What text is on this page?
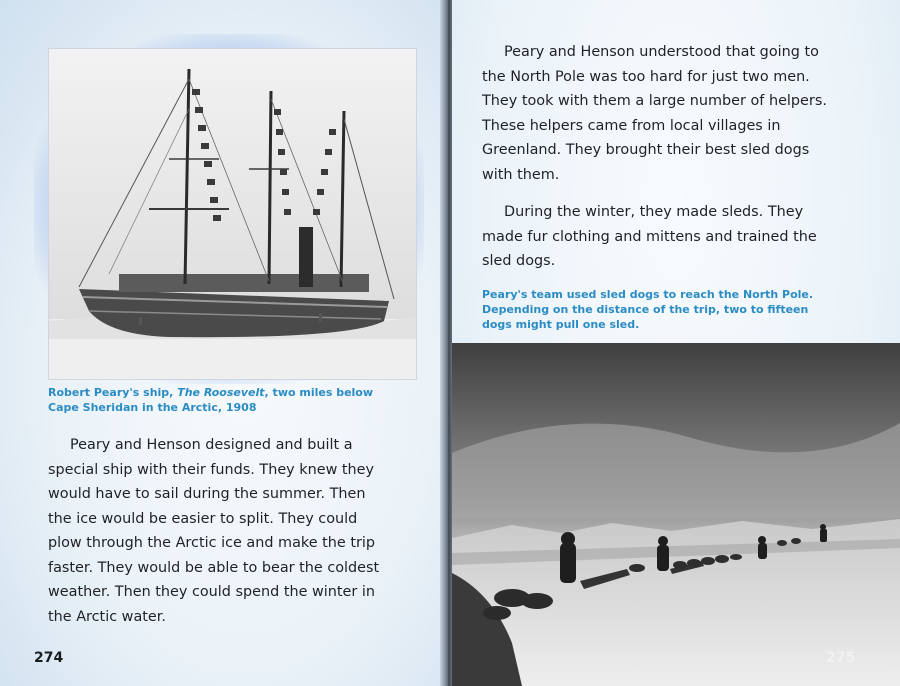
Robert Peary's ship, The Roosevelt, two miles below Cape Sheridan in the Arctic, 1908

Peary and Henson designed and built a special ship with their funds. They knew they would have to sail during the summer. Then the ice would be easier to split. They could plow through the Arctic ice and make the trip faster. They would be able to bear the coldest weather. Then they could spend the winter in the Arctic water.

274

Peary and Henson understood that going to the North Pole was too hard for just two men. They took with them a large number of helpers. These helpers came from local villages in Greenland. They brought their best sled dogs with them.

During the winter, they made sleds. They made fur clothing and mittens and trained the sled dogs.

Peary's team used sled dogs to reach the North Pole. Depending on the distance of the trip, two to fifteen dogs might pull one sled.

275
